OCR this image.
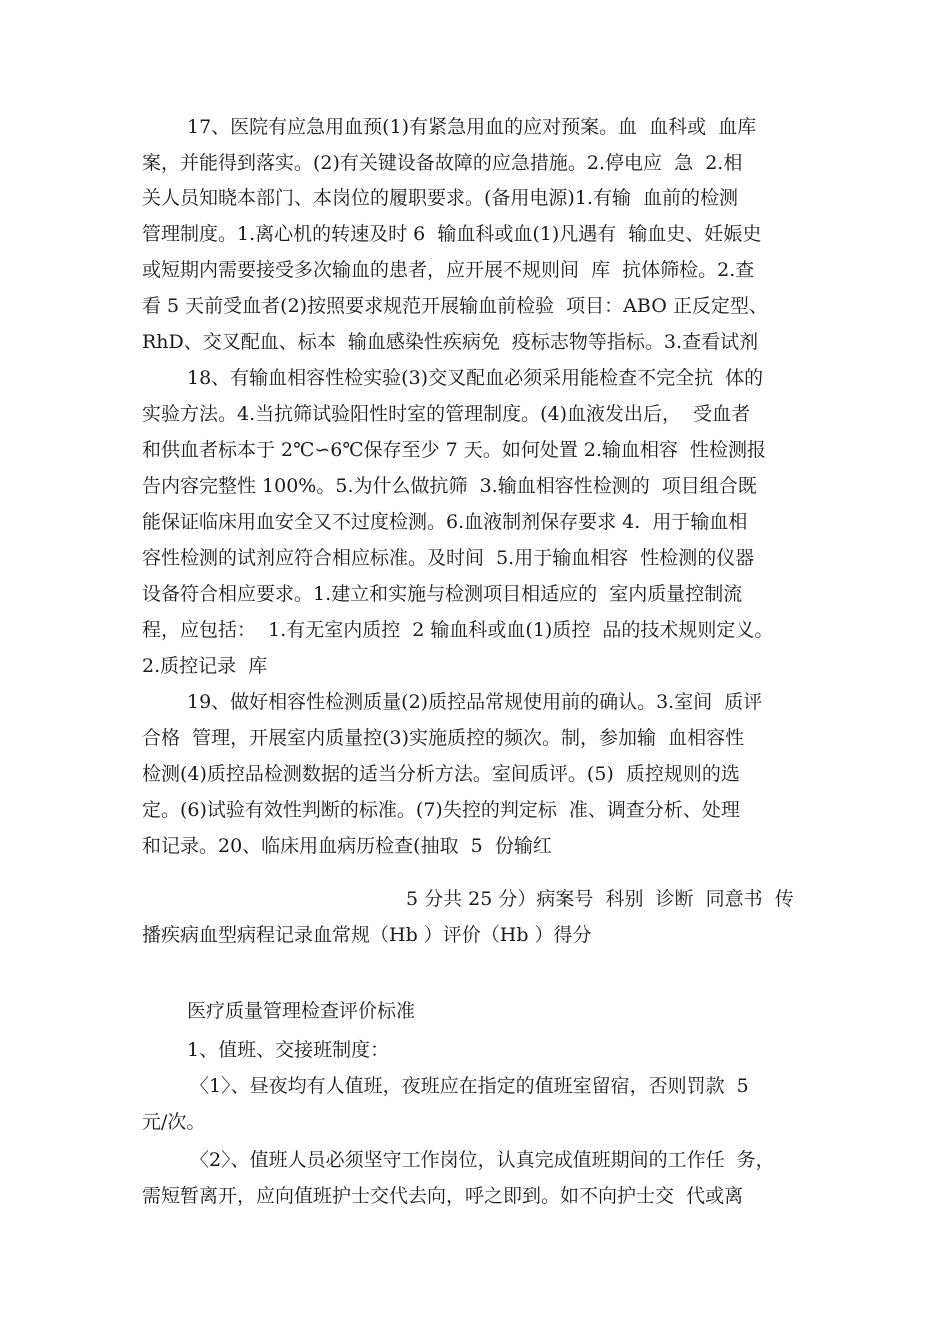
17、医院有应急用血预(1)有紧急用血的应对预案。血  血科或  血库
案，并能得到落实。(2)有关键设备故障的应急措施。2.停电应  急  2.相
关人员知晓本部门、本岗位的履职要求。(备用电源)1.有输  血前的检测
管理制度。1.离心机的转速及时 6  输血科或血(1)凡遇有  输血史、妊娠史
或短期内需要接受多次输血的患者，应开展不规则间  库  抗体筛检。2.查
看 5 天前受血者(2)按照要求规范开展输血前检验  项目：ABO 正反定型、
RhD、交叉配血、标本  输血感染性疾病免  疫标志物等指标。3.查看试剂
18、有输血相容性检实验(3)交叉配血必须采用能检查不完全抗  体的
实验方法。4.当抗筛试验阳性时室的管理制度。(4)血液发出后，  受血者
和供血者标本于 2℃∽6℃保存至少 7 天。如何处置 2.输血相容  性检测报
告内容完整性 100%。5.为什么做抗筛  3.输血相容性检测的  项目组合既
能保证临床用血安全又不过度检测。6.血液制剂保存要求 4.  用于输血相
容性检测的试剂应符合相应标准。及时间  5.用于输血相容  性检测的仪器
设备符合相应要求。1.建立和实施与检测项目相适应的  室内质量控制流
程，应包括：  1.有无室内质控  2 输血科或血(1)质控  品的技术规则定义。
2.质控记录  库
19、做好相容性检测质量(2)质控品常规使用前的确认。3.室间  质评
合格  管理，开展室内质量控(3)实施质控的频次。制，参加输  血相容性
检测(4)质控品检测数据的适当分析方法。室间质评。(5)  质控规则的选
定。(6)试验有效性判断的标准。(7)失控的判定标  准、调查分析、处理
和记录。20、临床用血病历检查(抽取  5  份输红
5 分共 25 分）病案号  科别  诊断  同意书  传
播疾病血型病程记录血常规（Hb ）评价（Hb ）得分
医疗质量管理检查评价标准
1、值班、交接班制度：
〈1〉、昼夜均有人值班，夜班应在指定的值班室留宿，否则罚款  5
元/次。
〈2〉、值班人员必须坚守工作岗位，认真完成值班期间的工作任  务，
需短暂离开，应向值班护士交代去向，呼之即到。如不向护士交  代或离
